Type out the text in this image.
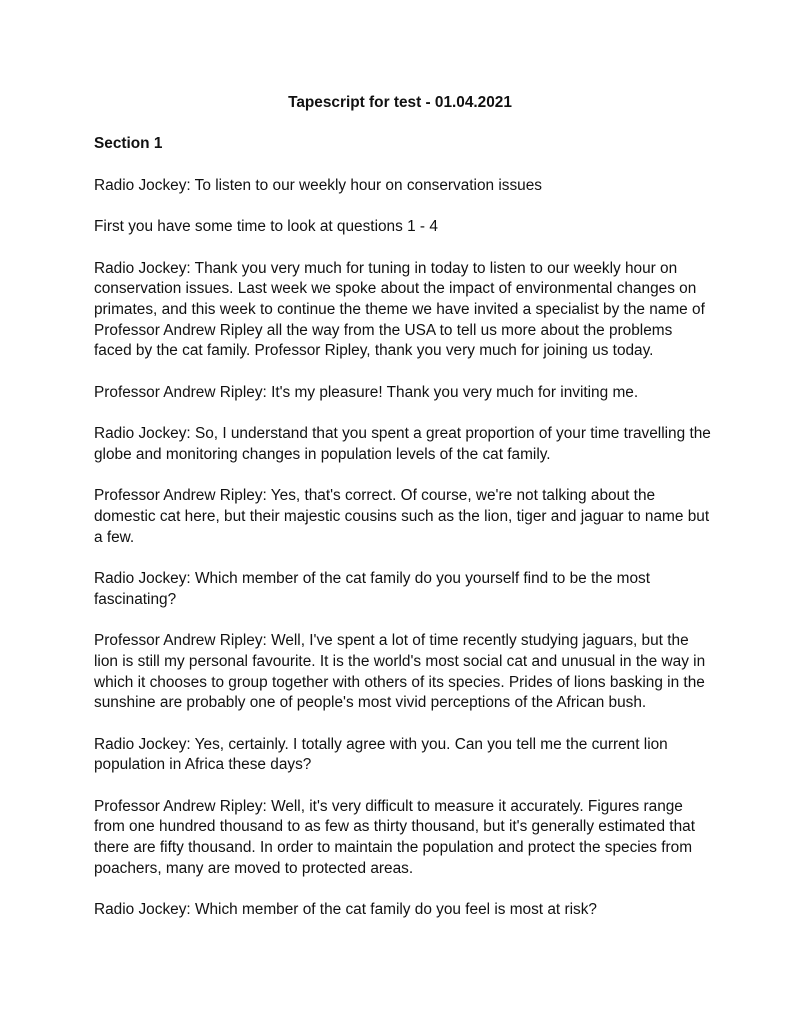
Tapescript for test - 01.04.2021
Section 1
Radio Jockey: To listen to our weekly hour on conservation issues
First you have some time to look at questions 1 - 4
Radio Jockey: Thank you very much for tuning in today to listen to our weekly hour on conservation issues. Last week we spoke about the impact of environmental changes on primates, and this week to continue the theme we have invited a specialist by the name of Professor Andrew Ripley all the way from the USA to tell us more about the problems faced by the cat family. Professor Ripley, thank you very much for joining us today.
Professor Andrew Ripley: It's my pleasure! Thank you very much for inviting me.
Radio Jockey: So, I understand that you spent a great proportion of your time travelling the globe and monitoring changes in population levels of the cat family.
Professor Andrew Ripley: Yes, that's correct. Of course, we're not talking about the domestic cat here, but their majestic cousins such as the lion, tiger and jaguar to name but a few.
Radio Jockey: Which member of the cat family do you yourself find to be the most fascinating?
Professor Andrew Ripley: Well, I've spent a lot of time recently studying jaguars, but the lion is still my personal favourite. It is the world's most social cat and unusual in the way in which it chooses to group together with others of its species. Prides of lions basking in the sunshine are probably one of people's most vivid perceptions of the African bush.
Radio Jockey: Yes, certainly. I totally agree with you. Can you tell me the current lion population in Africa these days?
Professor Andrew Ripley: Well, it's very difficult to measure it accurately. Figures range from one hundred thousand to as few as thirty thousand, but it's generally estimated that there are fifty thousand. In order to maintain the population and protect the species from poachers, many are moved to protected areas.
Radio Jockey: Which member of the cat family do you feel is most at risk?
